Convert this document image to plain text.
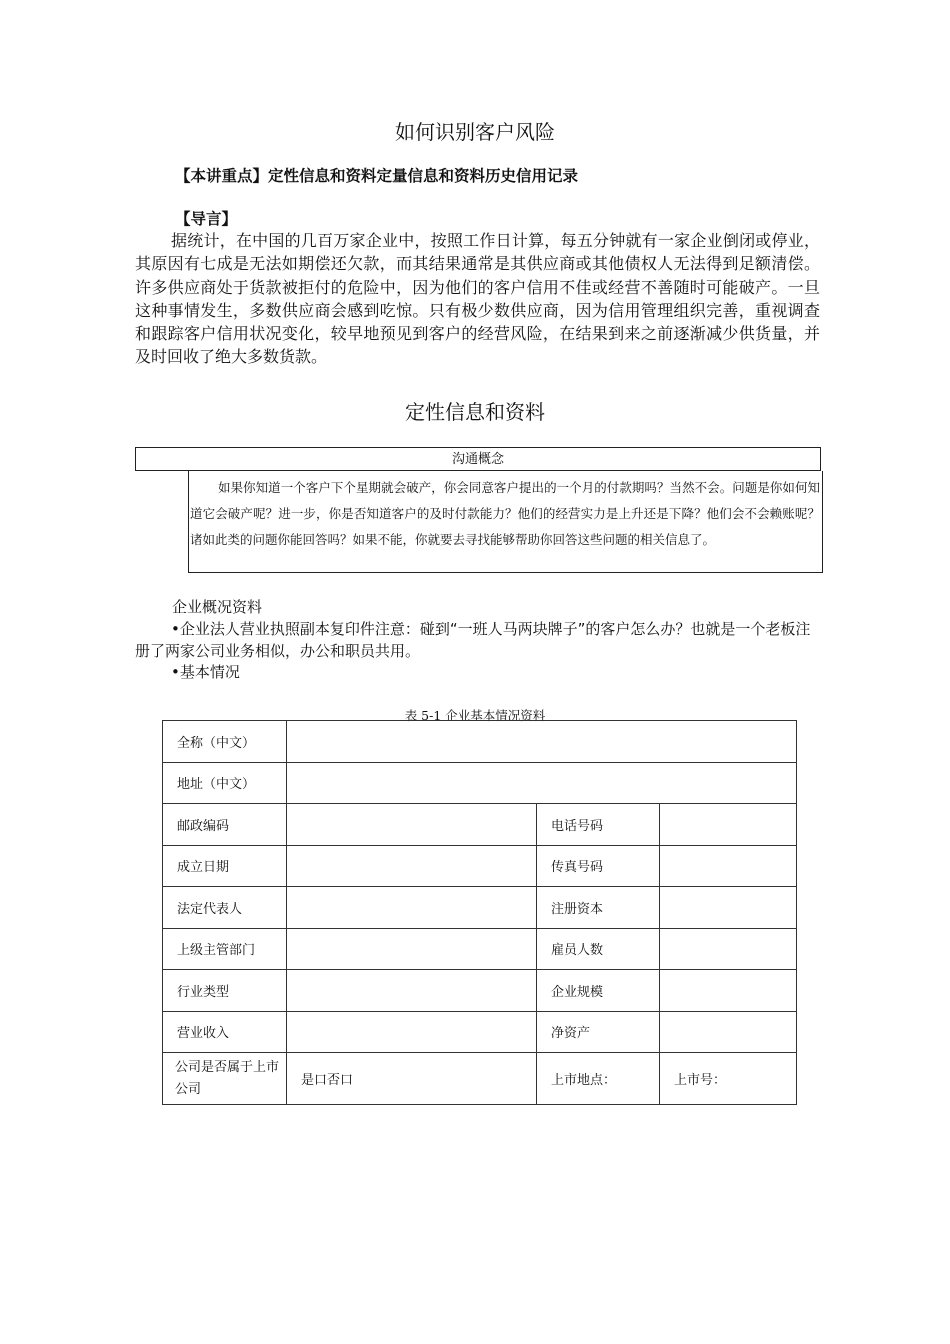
如何识别客户风险
【本讲重点】定性信息和资料定量信息和资料历史信用记录
【导言】
据统计，在中国的几百万家企业中，按照工作日计算，每五分钟就有一家企业倒闭或停业，其原因有七成是无法如期偿还欠款，而其结果通常是其供应商或其他债权人无法得到足额清偿。许多供应商处于货款被拒付的危险中，因为他们的客户信用不佳或经营不善随时可能破产。一旦这种事情发生，多数供应商会感到吃惊。只有极少数供应商，因为信用管理组织完善，重视调查和跟踪客户信用状况变化，较早地预见到客户的经营风险，在结果到来之前逐渐减少供货量，并及时回收了绝大多数货款。
定性信息和资料
沟通概念
如果你知道一个客户下个星期就会破产，你会同意客户提出的一个月的付款期吗？当然不会。问题是你如何知道它会破产呢？进一步，你是否知道客户的及时付款能力？他们的经营实力是上升还是下降？他们会不会赖账呢？诸如此类的问题你能回答吗？如果不能，你就要去寻找能够帮助你回答这些问题的相关信息了。
企业概况资料
•企业法人营业执照副本复印件注意：碰到“一班人马两块牌子”的客户怎么办？也就是一个老板注册了两家公司业务相似，办公和职员共用。
•基本情况
表 5-1 企业基本情况资料
全称（中文）			
地址（中文）			
邮政编码		电话号码	
成立日期		传真号码	
法定代表人		注册资本	
上级主管部门		雇员人数	
行业类型		企业规模	
营业收入		净资产	
公司是否属于上市公司	是口否口	上市地点：	上市号：
